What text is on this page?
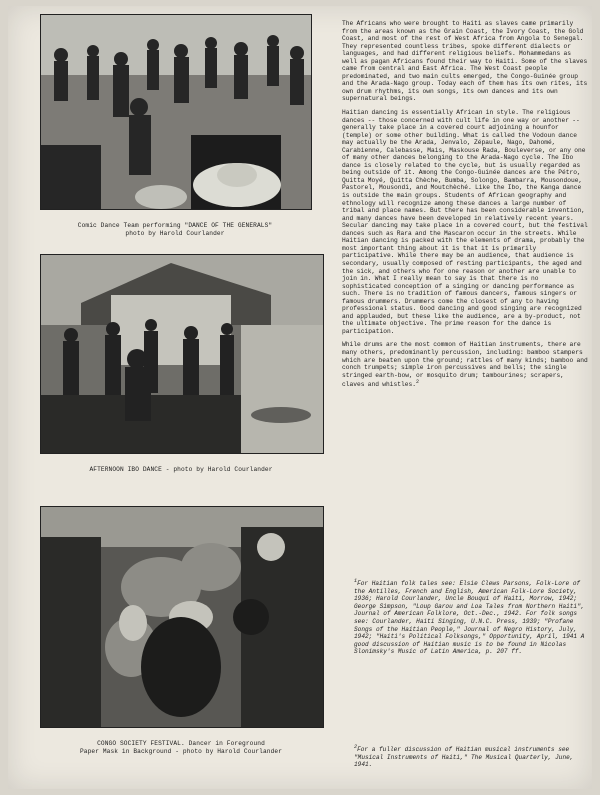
Comic Dance Team performing "DANCE OF THE GENERALS"
photo by Harold Courlander
AFTERNOON IBO DANCE - photo by Harold Courlander
CONGO SOCIETY FESTIVAL. Dancer in Foreground
Paper Mask in Background - photo by Harold Courlander

The Africans who were brought to Haiti as slaves came primarily from the areas known as the Grain Coast, the Ivory Coast, the Gold Coast, and most of the rest of West Africa from Angola to Senegal. They represented countless tribes, spoke different dialects or languages, and had different religious beliefs. Mohammedans as well as pagan Africans found their way to Haiti. Some of the slaves came from central and East Africa. The West Coast people predominated, and two main cults emerged, the Congo-Guinée group and the Arada-Nago group. Today each of them has its own rites, its own drum rhythms, its own songs, its own dances and its own supernatural beings.

Haitian dancing is essentially African in style. The religious dances -- those concerned with cult life in one way or another -- generally take place in a covered court adjoining a hounfor (temple) or some other building. What is called the Vodoun dance may actually be the Arada, Jenvalo, Zépaule, Nago, Dahomé, Carabienne, Calebasse, Mais, Maskouse Rada, Bouleverse, or any one of many other dances belonging to the Arada-Nago cycle. The Ibo dance is closely related to the cycle, but is usually regarded as being outside of it. Among the Congo-Guinée dances are the Pétro, Quitta Moyé, Quitta Chèche, Bumba, Solongo, Bambarra, Mousondoue, Pastorel, Mousondi, and Moutchèché. Like the Ibo, the Kanga dance is outside the main groups. Students of African geography and ethnology will recognize among these dances a large number of tribal and place names. But there has been considerable invention, and many dances have been developed in relatively recent years. Secular dancing may take place in a covered court, but the festival dances such as Rara and the Mascaron occur in the streets. While Haitian dancing is packed with the elements of drama, probably the most important thing about it is that it is primarily participative. While there may be an audience, that audience is secondary, usually composed of resting participants, the aged and the sick, and others who for one reason or another are unable to join in. What I really mean to say is that there is no sophisticated conception of a singing or dancing performance as such. There is no tradition of famous dancers, famous singers or famous drummers. Drummers come the closest of any to having professional status. Good dancing and good singing are recognized and applauded, but these like the audience, are a by-product, not the ultimate objective. The prime reason for the dance is participation.

While drums are the most common of Haitian instruments, there are many others, predominantly percussion, including: bamboo stampers which are beaten upon the ground; rattles of many kinds; bamboo and conch trumpets; simple iron percussives and bells; the single stringed earth-bow, or mosquito drum; tambourines; scrapers, claves and whistles.$^2$

$^1$For Haitian folk tales see: Elsie Clews Parsons, Folk-Lore of the Antilles, French and English, American Folk-Lore Society, 1936; Harold Courlander, Uncle Bouqui of Haiti, Morrow, 1942; George Simpson, "Loup Garou and Loa Tales from Northern Haiti", Journal of American Folklore, Oct.-Dec., 1942. For folk songs see: Courlander, Haiti Singing, U.N.C. Press, 1939; "Profane Songs of the Haitian People," Journal of Negro History, July, 1942; "Haiti's Political Folksongs," Opportunity, April, 1941 A good discussion of Haitian music is to be found in Nicolas Slonimsky's Music of Latin America, p. 207 ff.

$^2$For a fuller discussion of Haitian musical instruments see "Musical Instruments of Haiti," The Musical Quarterly, June, 1941.
